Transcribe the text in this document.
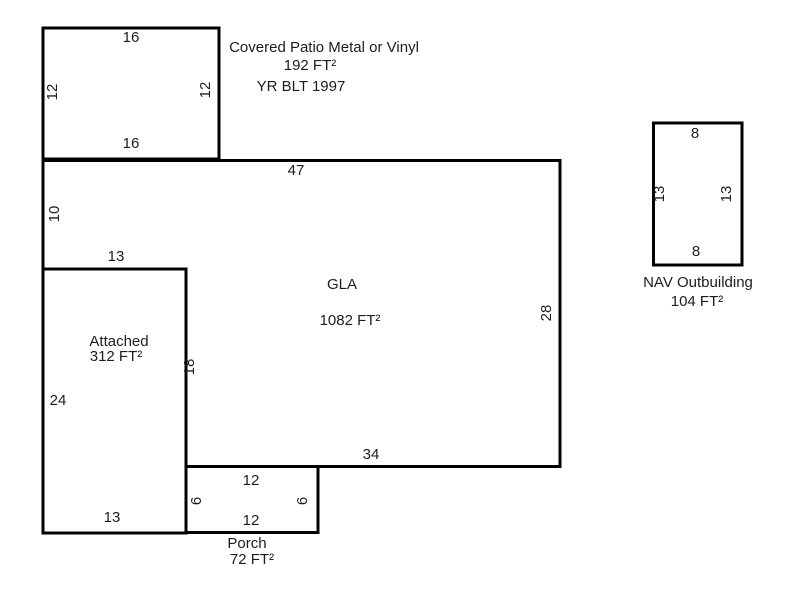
16
12	12
16
Covered Patio Metal or Vinyl
192 FT²
YR BLT 1997
47
10
13
18
28
34
GLA
1082 FT²
Attached
312 FT²
24
13
12
6	6
12
Porch
72 FT²
8
13	13
8
NAV Outbuilding
104 FT²
